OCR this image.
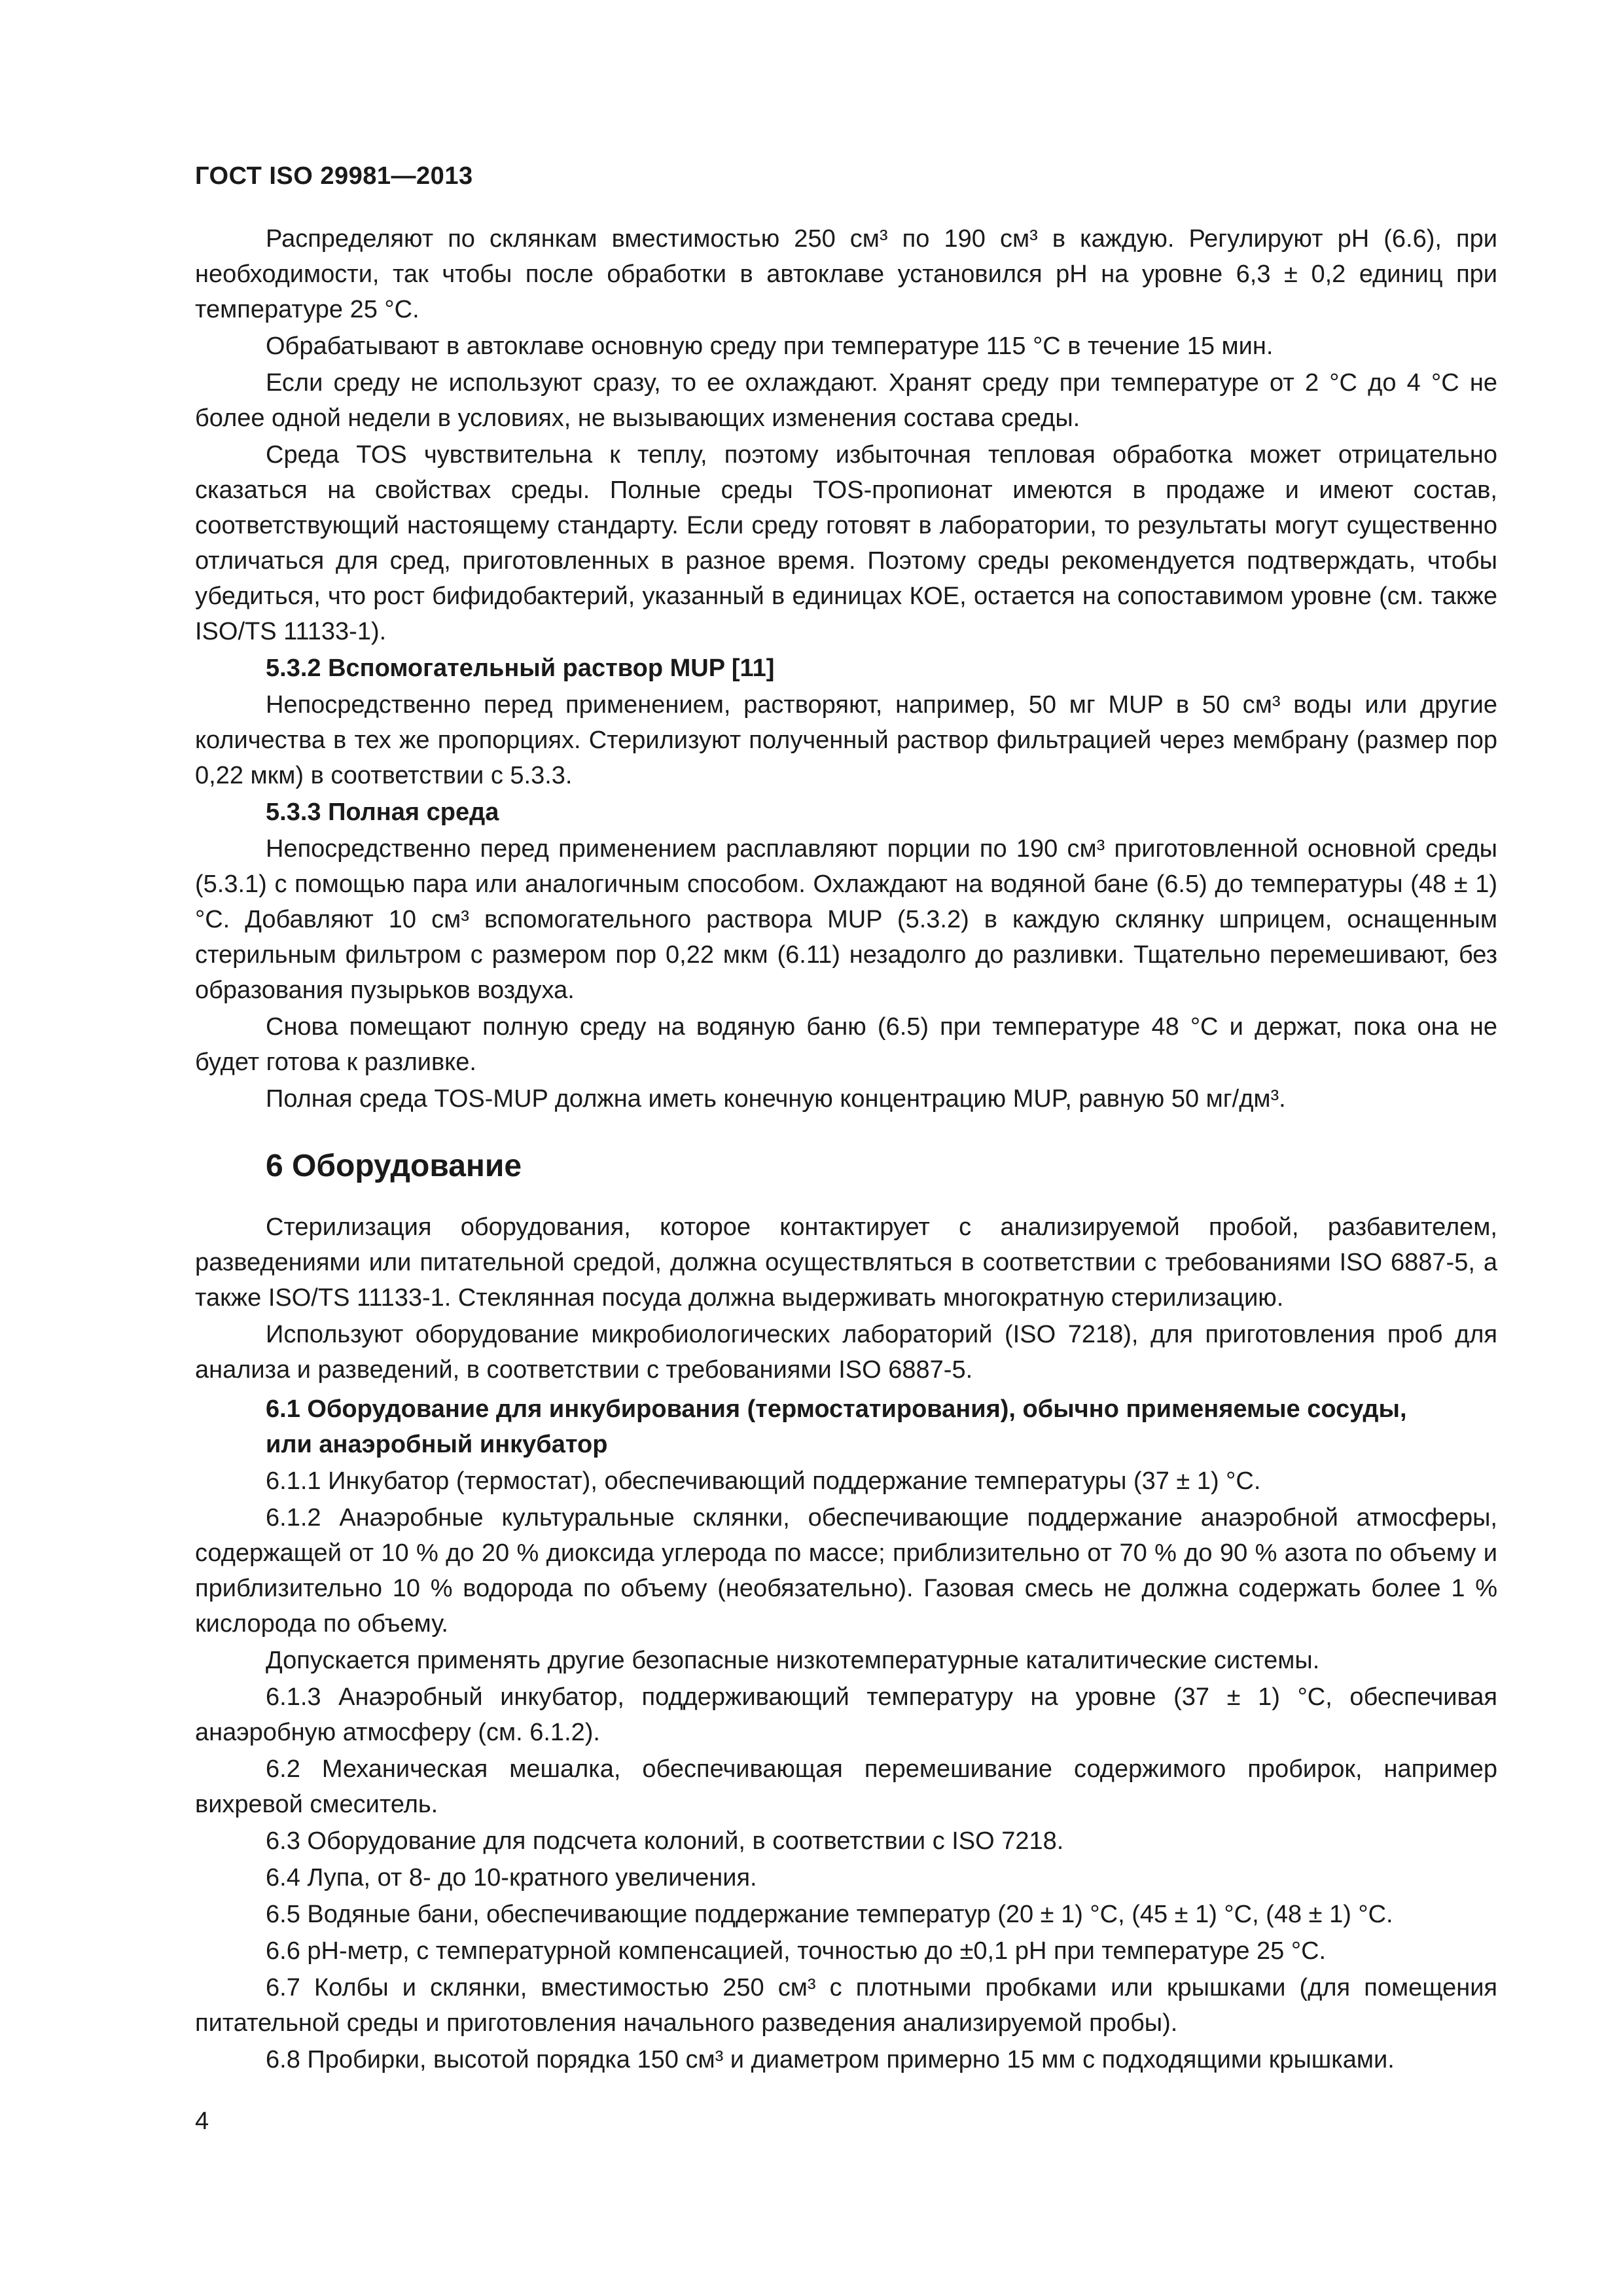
ГОСТ ISO 29981—2013

Распределяют по склянкам вместимостью 250 см³ по 190 см³ в каждую. Регулируют рН (6.6), при необходимости, так чтобы после обработки в автоклаве установился рН на уровне 6,3 ± 0,2 единиц при температуре 25 °С.

Обрабатывают в автоклаве основную среду при температуре 115 °С в течение 15 мин.

Если среду не используют сразу, то ее охлаждают. Хранят среду при температуре от 2 °С до 4 °С не более одной недели в условиях, не вызывающих изменения состава среды.

Среда TOS чувствительна к теплу, поэтому избыточная тепловая обработка может отрицательно сказаться на свойствах среды. Полные среды TOS-пропионат имеются в продаже и имеют состав, соответствующий настоящему стандарту. Если среду готовят в лаборатории, то результаты могут существенно отличаться для сред, приготовленных в разное время. Поэтому среды рекомендуется подтверждать, чтобы убедиться, что рост бифидобактерий, указанный в единицах КОЕ, остается на сопоставимом уровне (см. также ISO/TS 11133-1).

5.3.2 Вспомогательный раствор MUP [11]

Непосредственно перед применением, растворяют, например, 50 мг MUP в 50 см³ воды или другие количества в тех же пропорциях. Стерилизуют полученный раствор фильтрацией через мембрану (размер пор 0,22 мкм) в соответствии с 5.3.3.

5.3.3 Полная среда

Непосредственно перед применением расплавляют порции по 190 см³ приготовленной основной среды (5.3.1) с помощью пара или аналогичным способом. Охлаждают на водяной бане (6.5) до температуры (48 ± 1) °С. Добавляют 10 см³ вспомогательного раствора MUP (5.3.2) в каждую склянку шприцем, оснащенным стерильным фильтром с размером пор 0,22 мкм (6.11) незадолго до разливки. Тщательно перемешивают, без образования пузырьков воздуха.

Снова помещают полную среду на водяную баню (6.5) при температуре 48 °С и держат, пока она не будет готова к разливке.

Полная среда TOS-MUP должна иметь конечную концентрацию MUP, равную 50 мг/дм³.

6 Оборудование

Стерилизация оборудования, которое контактирует с анализируемой пробой, разбавителем, разведениями или питательной средой, должна осуществляться в соответствии с требованиями ISO 6887-5, а также ISO/TS 11133-1. Стеклянная посуда должна выдерживать многократную стерилизацию.

Используют оборудование микробиологических лабораторий (ISO 7218), для приготовления проб для анализа и разведений, в соответствии с требованиями ISO 6887-5.

6.1 Оборудование для инкубирования (термостатирования), обычно применяемые сосуды, или анаэробный инкубатор

6.1.1 Инкубатор (термостат), обеспечивающий поддержание температуры (37 ± 1) °С.

6.1.2 Анаэробные культуральные склянки, обеспечивающие поддержание анаэробной атмосферы, содержащей от 10 % до 20 % диоксида углерода по массе; приблизительно от 70 % до 90 % азота по объему и приблизительно 10 % водорода по объему (необязательно). Газовая смесь не должна содержать более 1 % кислорода по объему.

Допускается применять другие безопасные низкотемпературные каталитические системы.

6.1.3 Анаэробный инкубатор, поддерживающий температуру на уровне (37 ± 1) °С, обеспечивая анаэробную атмосферу (см. 6.1.2).

6.2 Механическая мешалка, обеспечивающая перемешивание содержимого пробирок, например вихревой смеситель.

6.3 Оборудование для подсчета колоний, в соответствии с ISO 7218.

6.4 Лупа, от 8- до 10-кратного увеличения.

6.5 Водяные бани, обеспечивающие поддержание температур (20 ± 1) °С, (45 ± 1) °С, (48 ± 1) °С.

6.6 рН-метр, с температурной компенсацией, точностью до ±0,1 рН при температуре 25 °С.

6.7 Колбы и склянки, вместимостью 250 см³ с плотными пробками или крышками (для помещения питательной среды и приготовления начального разведения анализируемой пробы).

6.8 Пробирки, высотой порядка 150 см³ и диаметром примерно 15 мм с подходящими крышками.

4
